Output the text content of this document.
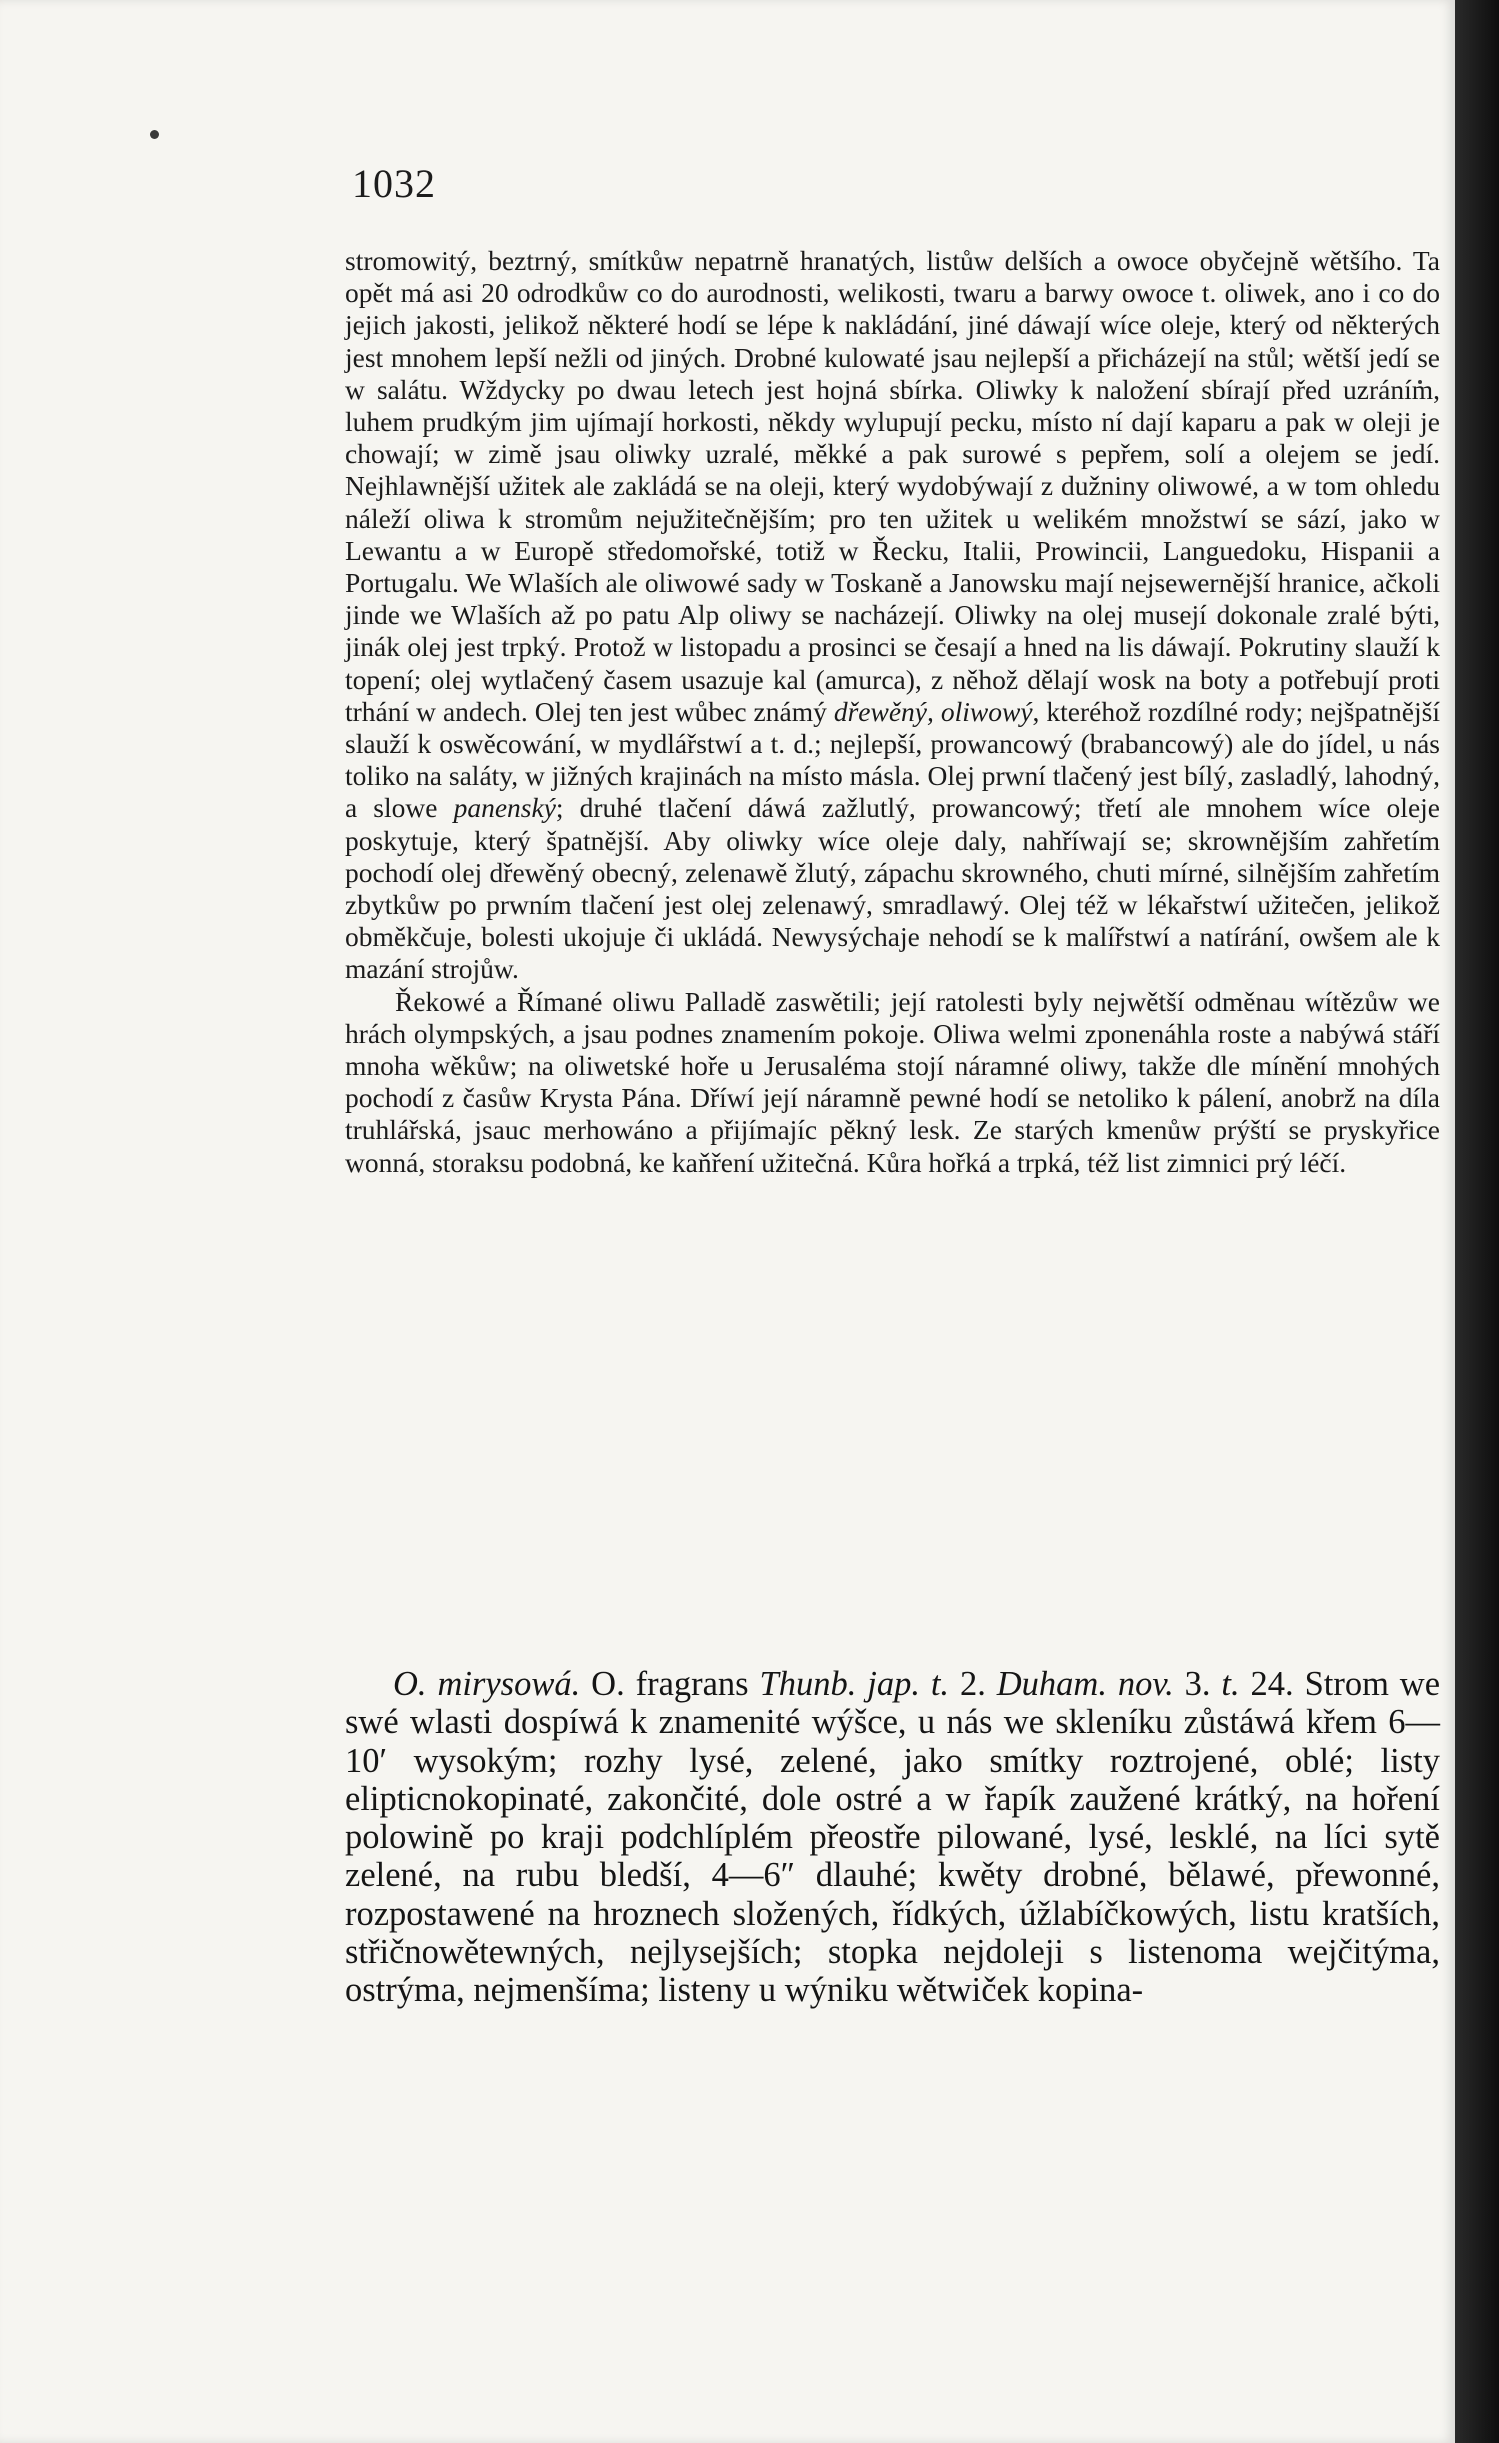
1032

stromowitý, beztrný, smítkůw nepatrně hranatých, listůw delších a owoce obyčejně wětšího. Ta opět má asi 20 odrodkůw co do aurodnosti, welikosti, twaru a barwy owoce t. oliwek, ano i co do jejich jakosti, jelikož některé hodí se lépe k nakládání, jiné dáwají wíce oleje, který od některých jest mnohem lepší nežli od jiných. Drobné kulowaté jsau nejlepší a přicházejí na stůl; wětší jedí se w salátu. Wždycky po dwau letech jest hojná sbírka. Oliwky k naložení sbírají před uzráním, luhem prudkým jim ujímají horkosti, někdy wylupují pecku, místo ní dají kaparu a pak w oleji je chowají; w zimě jsau oliwky uzralé, měkké a pak surowé s pepřem, solí a olejem se jedí. Nejhlawnější užitek ale zakládá se na oleji, který wydobýwají z dužniny oliwowé, a w tom ohledu náleží oliwa k stromům nejužitečnějším; pro ten užitek u welikém množstwí se sází, jako w Lewantu a w Europě středomořské, totiž w Řecku, Italii, Prowincii, Languedoku, Hispanii a Portugalu. We Wlaších ale oliwowé sady w Toskaně a Janowsku mají nejsewernější hranice, ačkoli jinde we Wlaších až po patu Alp oliwy se nacházejí. Oliwky na olej musejí dokonale zralé býti, jinák olej jest trpký. Protož w listopadu a prosinci se česají a hned na lis dáwají. Pokrutiny slauží k topení; olej wytlačený časem usazuje kal (amurca), z něhož dělají wosk na boty a potřebují proti trhání w andech. Olej ten jest wůbec známý dřewěný, oliwowý, kteréhož rozdílné rody; nejšpatnější slauží k oswěcowání, w mydlářstwí a t. d.; nejlepší, prowancowý (brabancowý) ale do jídel, u nás toliko na saláty, w jižných krajinách na místo másla. Olej prwní tlačený jest bílý, zasladlý, lahodný, a slowe panenský; druhé tlačení dáwá zažlutlý, prowancowý; třetí ale mnohem wíce oleje poskytuje, který špatnější. Aby oliwky wíce oleje daly, nahříwají se; skrownějším zahřetím pochodí olej dřewěný obecný, zelenawě žlutý, zápachu skrowného, chuti mírné, silnějším zahřetím zbytkůw po prwním tlačení jest olej zelenawý, smradlawý. Olej též w lékařstwí užitečen, jelikož obměkčuje, bolesti ukojuje či ukládá. Newysýchaje nehodí se k malířstwí a natírání, owšem ale k mazání strojůw.

Řekowé a Římané oliwu Palladě zaswětili; její ratolesti byly nejwětší odměnau wítězůw we hrách olympských, a jsau podnes znamením pokoje. Oliwa welmi zponenáhla roste a nabýwá stáří mnoha wěkůw; na oliwetské hoře u Jerusaléma stojí náramné oliwy, takže dle mínění mnohých pochodí z časůw Krysta Pána. Dříwí její náramně pewné hodí se netoliko k pálení, anobrž na díla truhlářská, jsauc merhowáno a přijímajíc pěkný lesk. Ze starých kmenůw prýští se pryskyřice wonná, storaksu podobná, ke kaňření užitečná. Kůra hořká a trpká, též list zimnici prý léčí.

O. mirysowá. O. fragrans Thunb. jap. t. 2. Duham. nov. 3. t. 24. Strom we swé wlasti dospíwá k znamenité wýšce, u nás we skleníku zůstáwá křem 6—10′ wysokým; rozhy lysé, zelené, jako smítky roztrojené, oblé; listy elipticnokopinaté, zakončité, dole ostré a w řapík zaužené krátký, na hoření polowině po kraji podchlíplém přeostře pilowané, lysé, lesklé, na líci sytě zelené, na rubu bledší, 4—6″ dlauhé; kwěty drobné, bělawé, přewonné, rozpostawené na hroznech složených, řídkých, úžlabíčkowých, listu kratších, střičnowětewných, nejlysejších; stopka nejdoleji s listenoma wejčitýma, ostrýma, nejmenšíma; listeny u wýniku wětwiček kopina-
